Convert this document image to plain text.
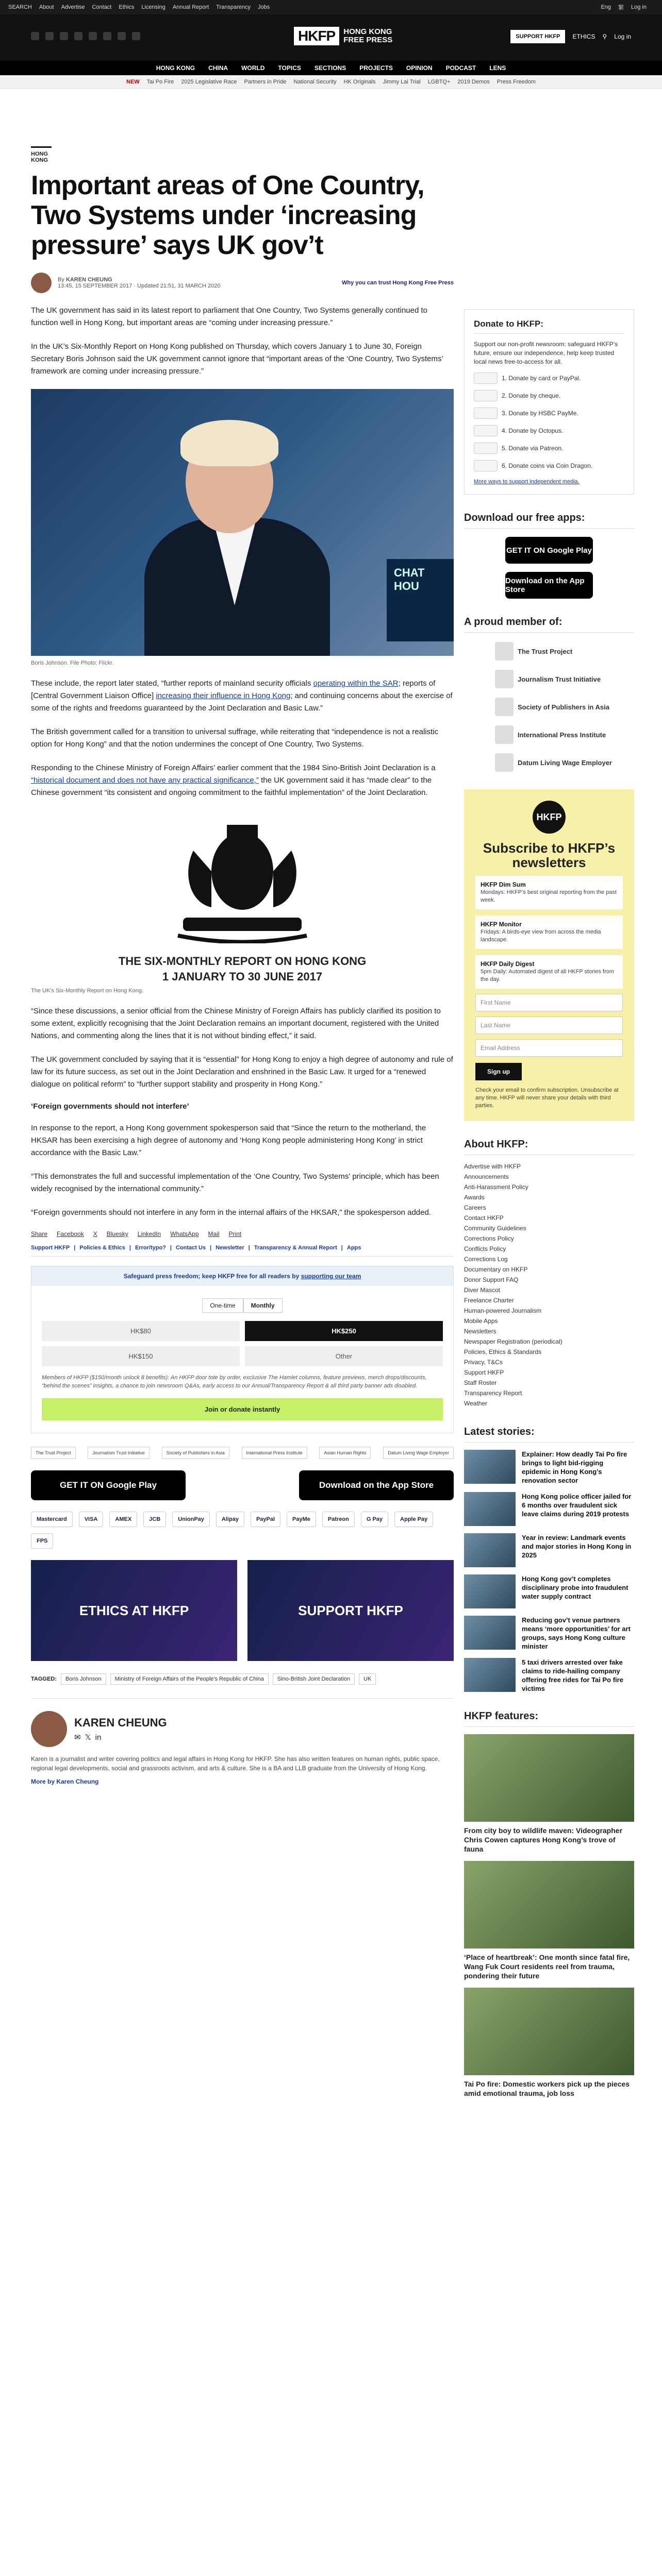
SEARCH About Advertise Contact Ethics Licensing Annual Report Transparency Jobs	Eng 繁 Log in
HKFP	HONG KONG
FREE PRESS	SUPPORT HKFP	ETHICS ⚲ Log in
HONG KONG CHINA WORLD TOPICS SECTIONS PROJECTS OPINION PODCAST LENS
NEW Tai Po Fire 2025 Legislative Race Partners in Pride National Security HK Originals Jimmy Lai Trial LGBTQ+ 2019 Demos Press Freedom
HONG KONG
Important areas of One Country, Two Systems under ‘increasing pressure’ says UK gov’t
By KAREN CHEUNG
13:45, 15 SEPTEMBER 2017 · Updated 21:51, 31 MARCH 2020	Why you can trust Hong Kong Free Press

The UK government has said in its latest report to parliament that One Country, Two Systems generally continued to function well in Hong Kong, but important areas are “coming under increasing pressure.”

In the UK’s Six-Monthly Report on Hong Kong published on Thursday, which covers January 1 to June 30, Foreign Secretary Boris Johnson said the UK government cannot ignore that “important areas of the ‘One Country, Two Systems’ framework are coming under increasing pressure.”

CHAT HOU
Boris Johnson. File Photo: Flickr.

These include, the report later stated, “further reports of mainland security officials operating within the SAR; reports of [Central Government Liaison Office] increasing their influence in Hong Kong; and continuing concerns about the exercise of some of the rights and freedoms guaranteed by the Joint Declaration and Basic Law.”

The British government called for a transition to universal suffrage, while reiterating that “independence is not a realistic option for Hong Kong” and that the notion undermines the concept of One Country, Two Systems.

Responding to the Chinese Ministry of Foreign Affairs’ earlier comment that the 1984 Sino-British Joint Declaration is a “historical document and does not have any practical significance,” the UK government said it has “made clear” to the Chinese government “its consistent and ongoing commitment to the faithful implementation” of the Joint Declaration.

THE SIX-MONTHLY REPORT ON HONG KONG
1 JANUARY TO 30 JUNE 2017
The UK’s Six-Monthly Report on Hong Kong.

“Since these discussions, a senior official from the Chinese Ministry of Foreign Affairs has publicly clarified its position to some extent, explicitly recognising that the Joint Declaration remains an important document, registered with the United Nations, and commenting along the lines that it is not without binding effect,” it said.

The UK government concluded by saying that it is “essential” for Hong Kong to enjoy a high degree of autonomy and rule of law for its future success, as set out in the Joint Declaration and enshrined in the Basic Law. It urged for a “renewed dialogue on political reform” to “further support stability and prosperity in Hong Kong.”

‘Foreign governments should not interfere’

In response to the report, a Hong Kong government spokesperson said that “Since the return to the motherland, the HKSAR has been exercising a high degree of autonomy and ‘Hong Kong people administering Hong Kong’ in strict accordance with the Basic Law.”

“This demonstrates the full and successful implementation of the ‘One Country, Two Systems’ principle, which has been widely recognised by the international community.”

“Foreign governments should not interfere in any form in the internal affairs of the HKSAR,” the spokesperson added.

Share Facebook X Bluesky LinkedIn WhatsApp Mail Print
Support HKFP | Policies & Ethics | Error/typo? | Contact Us | Newsletter | Transparency & Annual Report | Apps
Safeguard press freedom; keep HKFP free for all readers by supporting our team
One-time	Monthly
HK$80	HK$250
HK$150	Other
Members of HKFP ($150/month unlock 8 benefits): An HKFP door tote by order, exclusive The Hamlet columns, feature previews, merch drops/discounts, “behind the scenes” insights, a chance to join newsroom Q&As, early access to our Annual/Transparency Report & all third party banner ads disabled.
Join or donate instantly
The Trust Project	Journalism Trust Initiative	Society of Publishers in Asia	International Press Institute	Asian Human Rights	Datum Living Wage Employer
GET IT ON Google Play	Download on the App Store
Mastercard	VISA	AMEX	JCB	UnionPay	Alipay	PayPal	PayMe	Patreon	G Pay	Apple Pay
FPS
ETHICS AT HKFP	SUPPORT HKFP
TAGGED:	Boris Johnson	Ministry of Foreign Affairs of the People's Republic of China	Sino-British Joint Declaration	UK
KAREN CHEUNG
✉ 𝕏 in
Karen is a journalist and writer covering politics and legal affairs in Hong Kong for HKFP. She has also written features on human rights, public space, regional legal developments, social and grassroots activism, and arts & culture. She is a BA and LLB graduate from the University of Hong Kong.
More by Karen Cheung
Donate to HKFP:
Support our non-profit newsroom: safeguard HKFP’s future, ensure our independence, help keep trusted local news free-to-access for all.
1. Donate by card or PayPal.
2. Donate by cheque.
3. Donate by HSBC PayMe.
4. Donate by Octopus.
5. Donate via Patreon.
6. Donate coins via Coin Dragon.
More ways to support independent media.
Download our free apps:
GET IT ON Google Play
Download on the App Store
A proud member of:
The Trust Project
Journalism Trust Initiative
Society of Publishers in Asia
International Press Institute
Datum Living Wage Employer
HKFP
Subscribe to HKFP’s newsletters
HKFP Dim Sum
Mondays: HKFP’s best original reporting from the past week.
HKFP Monitor
Fridays: A birds-eye view from across the media landscape.
HKFP Daily Digest
5pm Daily: Automated digest of all HKFP stories from the day.
First Name
Last Name
Email Address
Sign up
Check your email to confirm subscription. Unsubscribe at any time. HKFP will never share your details with third parties.
About HKFP:
Advertise with HKFP
Announcements
Anti-Harassment Policy
Awards
Careers
Contact HKFP
Community Guidelines
Corrections Policy
Conflicts Policy
Corrections Log
Documentary on HKFP
Donor Support FAQ
Diver Mascot
Freelance Charter
Human-powered Journalism
Mobile Apps
Newsletters
Newspaper Registration (periodical)
Policies, Ethics & Standards
Privacy, T&Cs
Support HKFP
Staff Roster
Transparency Report
Weather
Latest stories:
Explainer: How deadly Tai Po fire brings to light bid-rigging epidemic in Hong Kong’s renovation sector
Hong Kong police officer jailed for 6 months over fraudulent sick leave claims during 2019 protests
Year in review: Landmark events and major stories in Hong Kong in 2025
Hong Kong gov’t completes disciplinary probe into fraudulent water supply contract
Reducing gov’t venue partners means ‘more opportunities’ for art groups, says Hong Kong culture minister
5 taxi drivers arrested over fake claims to ride-hailing company offering free rides for Tai Po fire victims
HKFP features:
From city boy to wildlife maven: Videographer Chris Cowen captures Hong Kong’s trove of fauna
‘Place of heartbreak’: One month since fatal fire, Wang Fuk Court residents reel from trauma, pondering their future
Tai Po fire: Domestic workers pick up the pieces amid emotional trauma, job loss
